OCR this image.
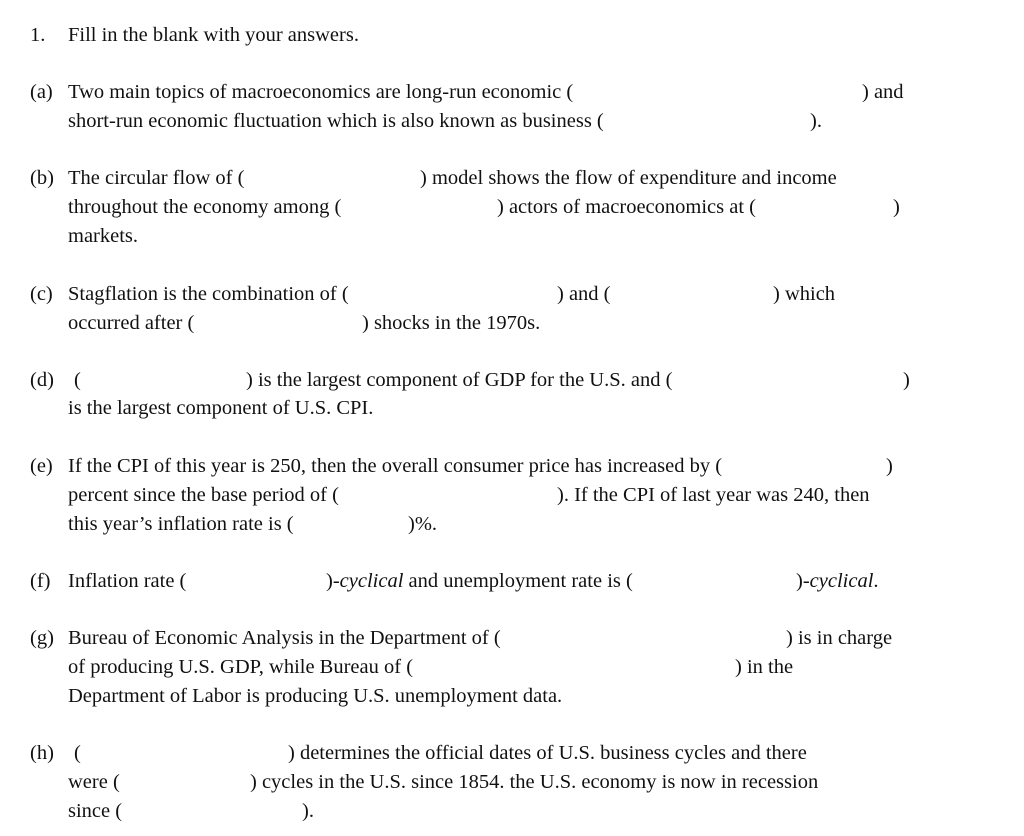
1. Fill in the blank with your answers.
(a) Two main topics of macroeconomics are long-run economic (	) and
short-run economic fluctuation which is also known as business (	).
(b) The circular flow of (	) model shows the flow of expenditure and income
throughout the economy among (	) actors of macroeconomics at (	)
markets.
(c) Stagflation is the combination of (	) and (	) which
occurred after (	) shocks in the 1970s.
(d) (	) is the largest component of GDP for the U.S. and (	)
is the largest component of U.S. CPI.
(e) If the CPI of this year is 250, then the overall consumer price has increased by (	)
percent since the base period of (	). If the CPI of last year was 240, then
this year’s inflation rate is (	)%.
(f) Inflation rate (	)-cyclical and unemployment rate is (	)-cyclical.
(g) Bureau of Economic Analysis in the Department of (	) is in charge
of producing U.S. GDP, while Bureau of (	) in the
Department of Labor is producing U.S. unemployment data.
(h) (	) determines the official dates of U.S. business cycles and there
were (	) cycles in the U.S. since 1854. the U.S. economy is now in recession
since (	).
